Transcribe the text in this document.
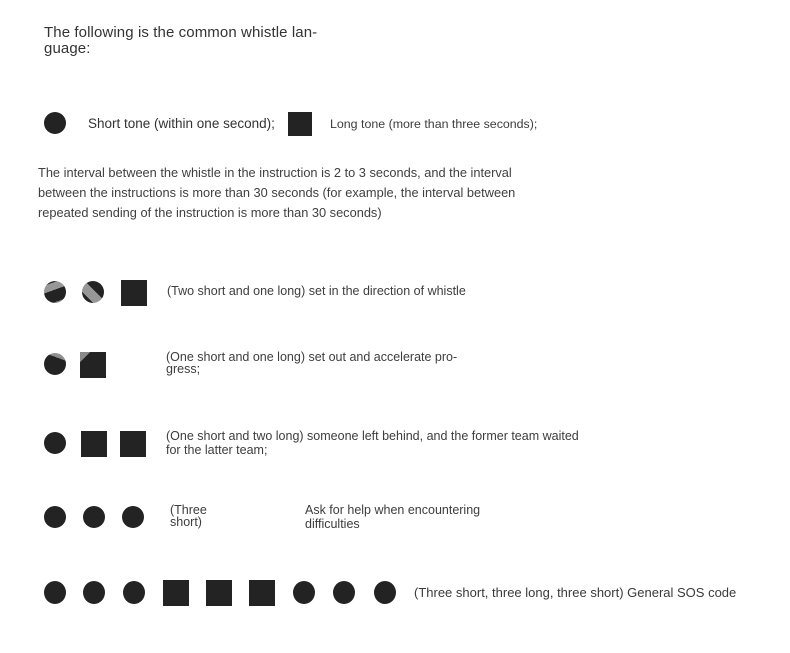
The following is the common whistle lan-
guage:
Short tone (within one second);	Long tone (more than three seconds);
The interval between the whistle in the instruction is 2 to 3 seconds, and the interval
between the instructions is more than 30 seconds (for example, the interval between
repeated sending of the instruction is more than 30 seconds)
(Two short and one long) set in the direction of whistle
(One short and one long) set out and accelerate pro-
gress;
(One short and two long) someone left behind, and the former team waited
for the latter team;
(Three
short)
Ask for help when encountering
difficulties
(Three short, three long, three short) General SOS code
